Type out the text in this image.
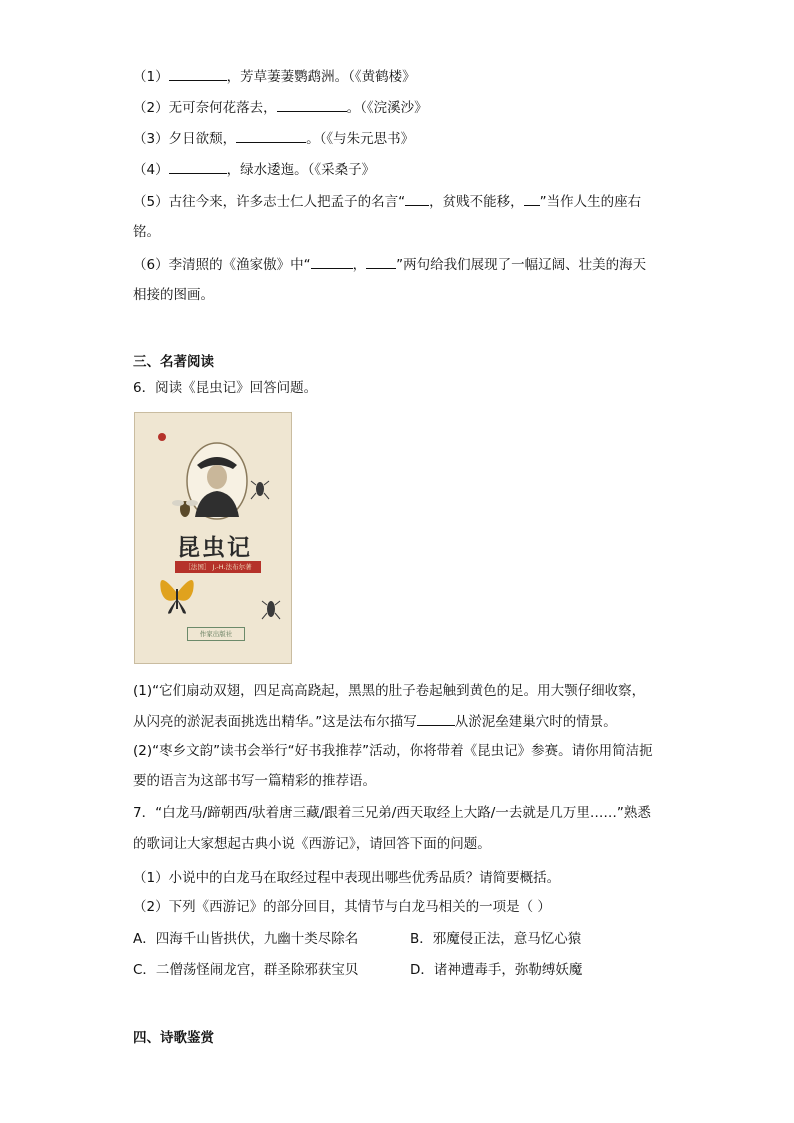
（1）	，芳草萋萋鹦鹉洲。（《黄鹤楼》
（2）无可奈何花落去，	。（《浣溪沙》
（3）夕日欲颓，	。（《与朱元思书》
（4）	，绿水逶迤。（《采桑子》
（5）古往今来，许多志士仁人把孟子的名言“ ，贫贱不能移， ”当作人生的座右
铭。
（6）李清照的《渔家傲》中“	， ”两句给我们展现了一幅辽阔、壮美的海天
相接的图画。
三、名著阅读
6．阅读《昆虫记》回答问题。
昆虫记
［法国］ J.-H.法布尔著
作家出版社
(1)“它们扇动双翅，四足高高跷起，黑黑的肚子卷起触到黄色的足。用大颚仔细收察，
从闪亮的淤泥表面挑选出精华。”这是法布尔描写	从淤泥垒建巢穴时的情景。
(2)“枣乡文韵”读书会举行“好书我推荐”活动，你将带着《昆虫记》参赛。请你用简洁扼
要的语言为这部书写一篇精彩的推荐语。
7．“白龙马/蹄朝西/驮着唐三藏/跟着三兄弟/西天取经上大路/一去就是几万里……”熟悉
的歌词让大家想起古典小说《西游记》，请回答下面的问题。
（1）小说中的白龙马在取经过程中表现出哪些优秀品质？请简要概括。
（2）下列《西游记》的部分回目，其情节与白龙马相关的一项是（ ）
A．四海千山皆拱伏，九幽十类尽除名	B．邪魔侵正法，意马忆心猿
C．二僧荡怪闹龙宫，群圣除邪获宝贝	D．诸神遭毒手，弥勒缚妖魔
四、诗歌鉴赏
